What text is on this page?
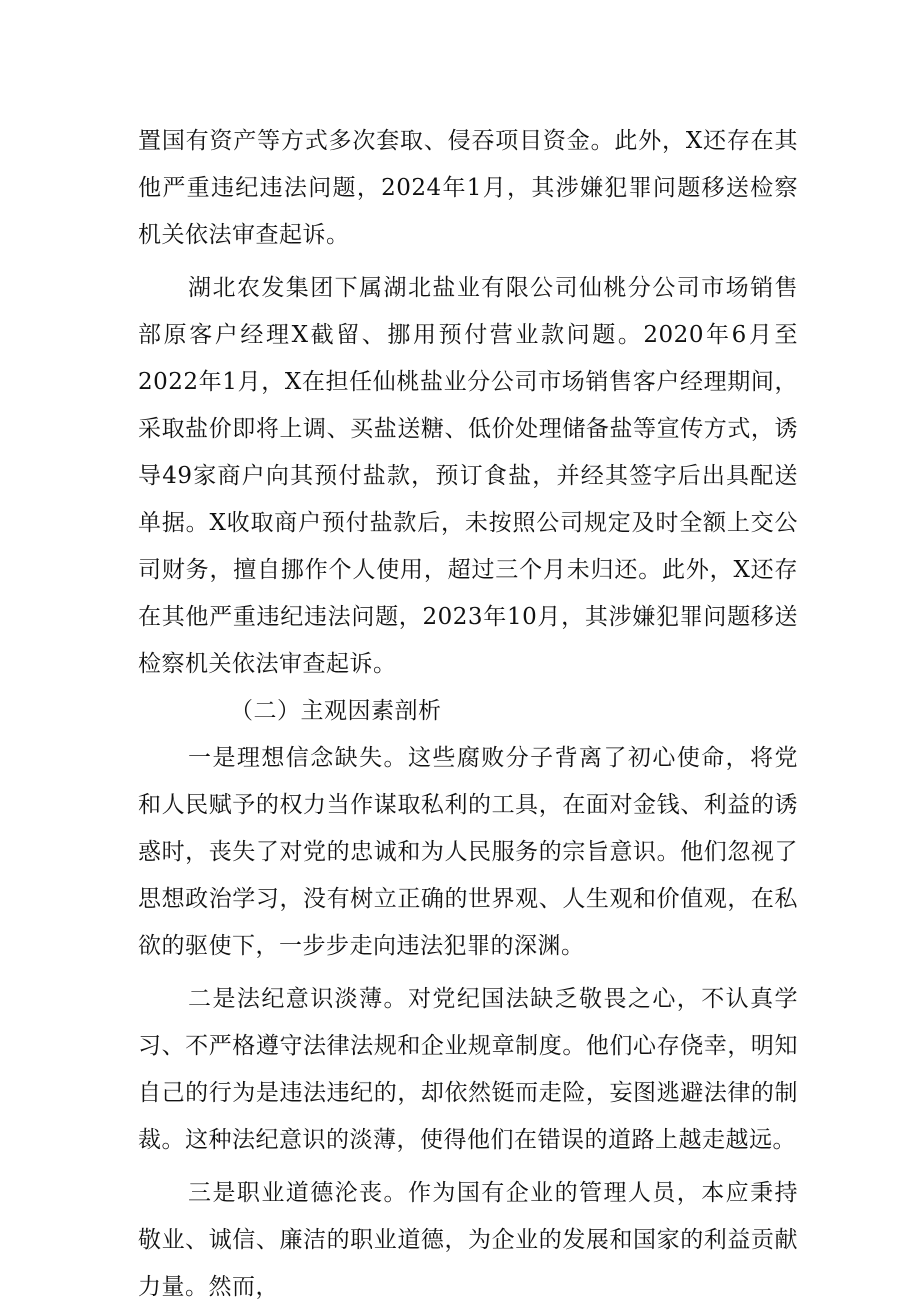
置国有资产等方式多次套取、侵吞项目资金。此外，X还存在其他严重违纪违法问题，2024年1月，其涉嫌犯罪问题移送检察机关依法审查起诉。

湖北农发集团下属湖北盐业有限公司仙桃分公司市场销售部原客户经理X截留、挪用预付营业款问题。2020年6月至2022年1月，X在担任仙桃盐业分公司市场销售客户经理期间，采取盐价即将上调、买盐送糖、低价处理储备盐等宣传方式，诱导49家商户向其预付盐款，预订食盐，并经其签字后出具配送单据。X收取商户预付盐款后，未按照公司规定及时全额上交公司财务，擅自挪作个人使用，超过三个月未归还。此外，X还存在其他严重违纪违法问题，2023年10月，其涉嫌犯罪问题移送检察机关依法审查起诉。

（二）主观因素剖析

一是理想信念缺失。这些腐败分子背离了初心使命，将党和人民赋予的权力当作谋取私利的工具，在面对金钱、利益的诱惑时，丧失了对党的忠诚和为人民服务的宗旨意识。他们忽视了思想政治学习，没有树立正确的世界观、人生观和价值观，在私欲的驱使下，一步步走向违法犯罪的深渊。

二是法纪意识淡薄。对党纪国法缺乏敬畏之心，不认真学习、不严格遵守法律法规和企业规章制度。他们心存侥幸，明知自己的行为是违法违纪的，却依然铤而走险，妄图逃避法律的制裁。这种法纪意识的淡薄，使得他们在错误的道路上越走越远。

三是职业道德沦丧。作为国有企业的管理人员，本应秉持敬业、诚信、廉洁的职业道德，为企业的发展和国家的利益贡献力量。然而，
